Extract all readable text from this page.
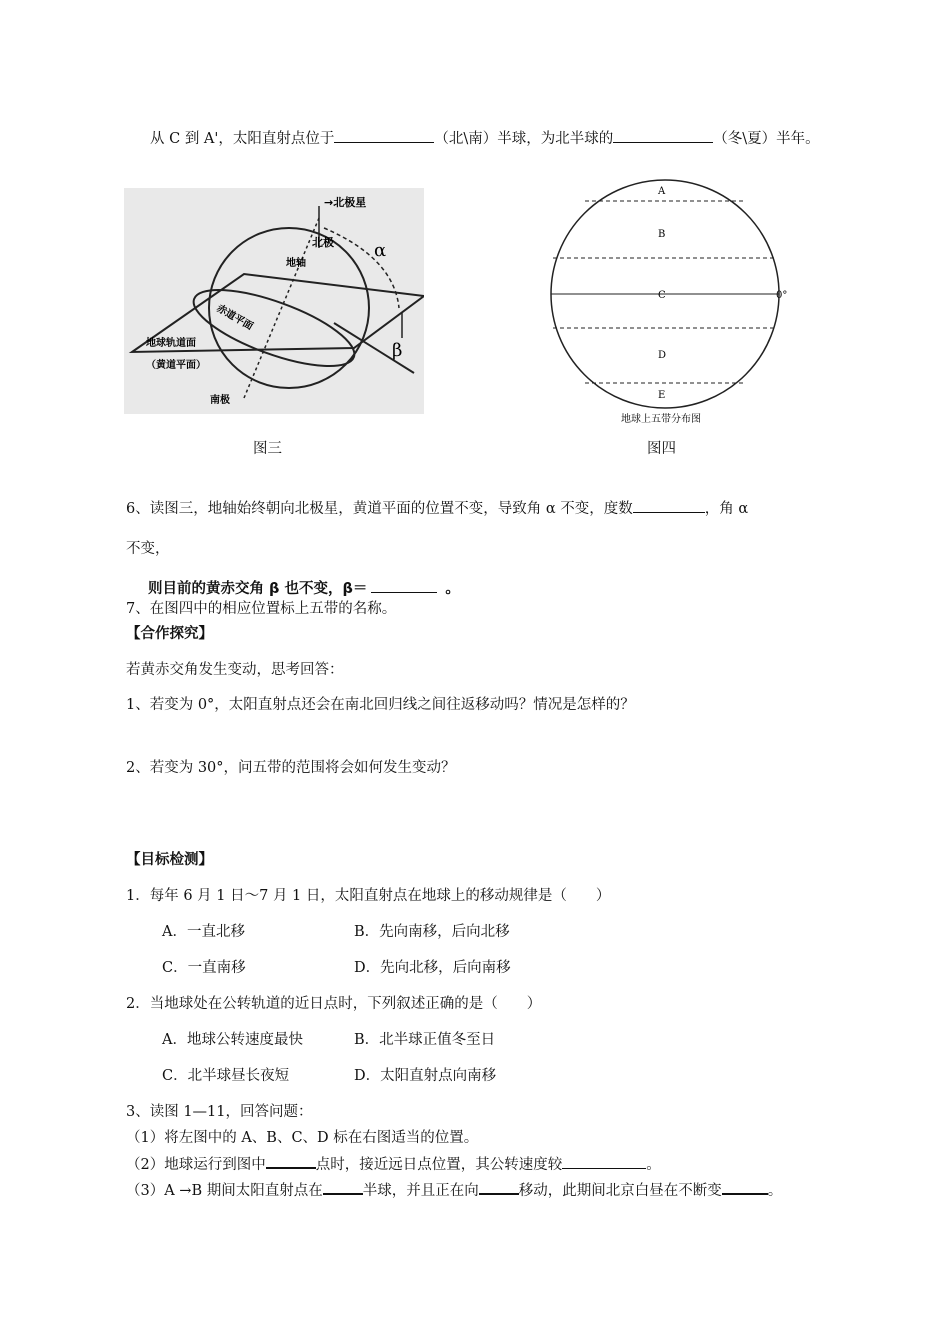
从 C 到 A'，太阳直射点位于	（北\南）半球，为北半球的	（冬\夏）半年。
→北极星
北极
地轴
赤道平面
地球轨道面
（黄道平面）
南极
α
β
图三
A
B
C
D
E
0°
地球上五带分布图
图四
6、读图三，地轴始终朝向北极星，黄道平面的位置不变，导致角 α 不变，度数	，角 α
不变，
则目前的黄赤交角 β 也不变，β＝	。
7、在图四中的相应位置标上五带的名称。
【合作探究】
若黄赤交角发生变动，思考回答：
1、若变为 0°，太阳直射点还会在南北回归线之间往返移动吗？情况是怎样的？
2、若变为 30°，问五带的范围将会如何发生变动？
【目标检测】
1．每年 6 月 1 日～7 月 1 日，太阳直射点在地球上的移动规律是（　　）
A．一直北移	B．先向南移，后向北移
C．一直南移	D．先向北移，后向南移
2．当地球处在公转轨道的近日点时，下列叙述正确的是（　　）
A．地球公转速度最快	B．北半球正值冬至日
C．北半球昼长夜短	D．太阳直射点向南移
3、读图 1—11，回答问题：
（1）将左图中的 A、B、C、D 标在右图适当的位置。
（2）地球运行到图中	点时，接近远日点位置，其公转速度较	。
（3）A →B 期间太阳直射点在	半球，并且正在向	移动，此期间北京白昼在不断变	。
